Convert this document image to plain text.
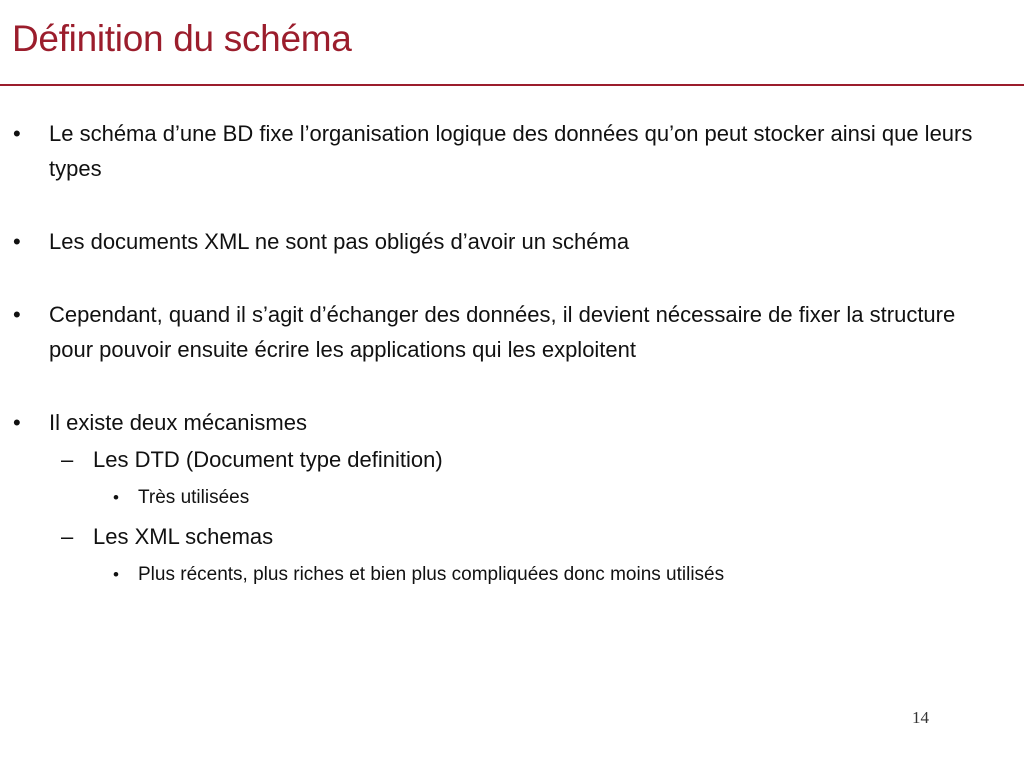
Définition du schéma
• Le schéma d’une BD fixe l’organisation logique des données qu’on peut stocker ainsi que leurs types
• Les documents XML ne sont pas obligés d’avoir un schéma
• Cependant, quand il s’agit d’échanger des données, il devient nécessaire de fixer la structure pour pouvoir ensuite écrire les applications qui les exploitent
• Il existe deux mécanismes
– Les DTD (Document type definition)
• Très utilisées
– Les XML schemas
• Plus récents, plus riches et bien plus compliquées donc moins utilisés
14
